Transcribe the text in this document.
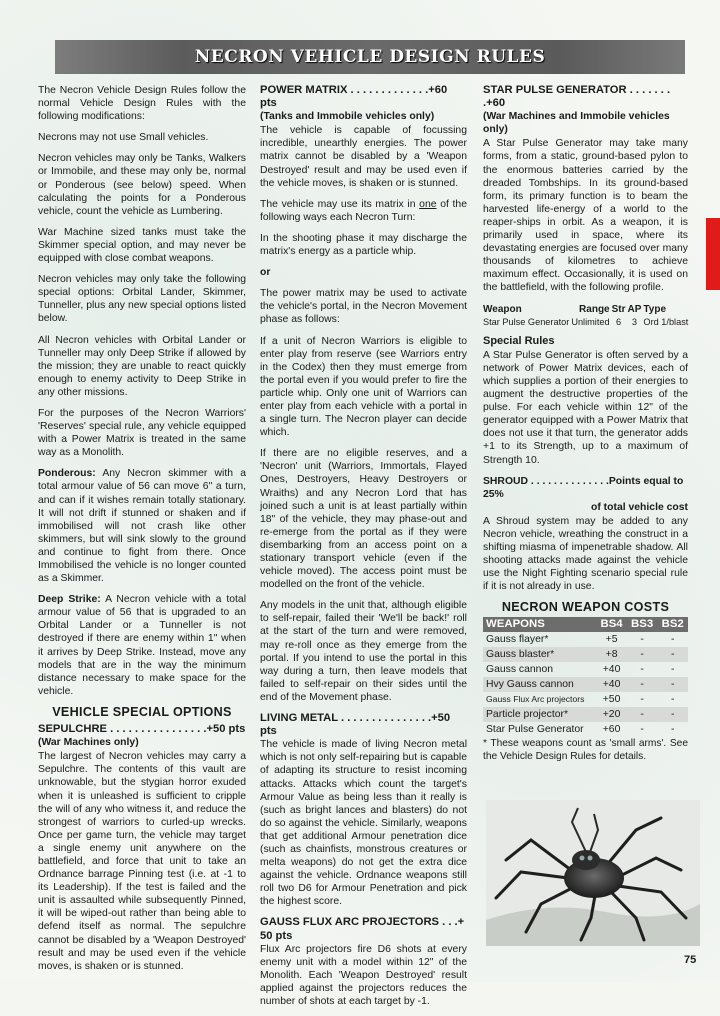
NECRON VEHICLE DESIGN RULES

The Necron Vehicle Design Rules follow the normal Vehicle Design Rules with the following modifications:

Necrons may not use Small vehicles.

Necron vehicles may only be Tanks, Walkers or Immobile, and these may only be, normal or Ponderous (see below) speed. When calculating the points for a Ponderous vehicle, count the vehicle as Lumbering.

War Machine sized tanks must take the Skimmer special option, and may never be equipped with close combat weapons.

Necron vehicles may only take the following special options: Orbital Lander, Skimmer, Tunneller, plus any new special options listed below.

All Necron vehicles with Orbital Lander or Tunneller may only Deep Strike if allowed by the mission; they are unable to react quickly enough to enemy activity to Deep Strike in any other missions.

For the purposes of the Necron Warriors' 'Reserves' special rule, any vehicle equipped with a Power Matrix is treated in the same way as a Monolith.

Ponderous: Any Necron skimmer with a total armour value of 56 can move 6" a turn, and can if it wishes remain totally stationary. It will not drift if stunned or shaken and if immobilised will not crash like other skimmers, but will sink slowly to the ground and continue to fight from there. Once Immobilised the vehicle is no longer counted as a Skimmer.

Deep Strike: A Necron vehicle with a total armour value of 56 that is upgraded to an Orbital Lander or a Tunneller is not destroyed if there are enemy within 1" when it arrives by Deep Strike. Instead, move any models that are in the way the minimum distance necessary to make space for the vehicle.

VEHICLE SPECIAL OPTIONS
SEPULCHRE . . . . . . . . . . . . . . . .+50 pts
(War Machines only)

The largest of Necron vehicles may carry a Sepulchre. The contents of this vault are unknowable, but the stygian horror exuded when it is unleashed is sufficient to cripple the will of any who witness it, and reduce the strongest of warriors to curled-up wrecks. Once per game turn, the vehicle may target a single enemy unit anywhere on the battlefield, and force that unit to take an Ordnance barrage Pinning test (i.e. at -1 to its Leadership). If the test is failed and the unit is assaulted while subsequently Pinned, it will be wiped-out rather than being able to defend itself as normal. The sepulchre cannot be disabled by a 'Weapon Destroyed' result and may be used even if the vehicle moves, is shaken or is stunned.

POWER MATRIX . . . . . . . . . . . . .+60 pts
(Tanks and Immobile vehicles only)

The vehicle is capable of focussing incredible, unearthly energies. The power matrix cannot be disabled by a 'Weapon Destroyed' result and may be used even if the vehicle moves, is shaken or is stunned.

The vehicle may use its matrix in one of the following ways each Necron Turn:

In the shooting phase it may discharge the matrix's energy as a particle whip.

or

The power matrix may be used to activate the vehicle's portal, in the Necron Movement phase as follows:

If a unit of Necron Warriors is eligible to enter play from reserve (see Warriors entry in the Codex) then they must emerge from the portal even if you would prefer to fire the particle whip. Only one unit of Warriors can enter play from each vehicle with a portal in a single turn. The Necron player can decide which.

If there are no eligible reserves, and a 'Necron' unit (Warriors, Immortals, Flayed Ones, Destroyers, Heavy Destroyers or Wraiths) and any Necron Lord that has joined such a unit is at least partially within 18" of the vehicle, they may phase-out and re-emerge from the portal as if they were disembarking from an access point on a stationary transport vehicle (even if the vehicle moved). The access point must be modelled on the front of the vehicle.

Any models in the unit that, although eligible to self-repair, failed their 'We'll be back!' roll at the start of the turn and were removed, may re-roll once as they emerge from the portal. If you intend to use the portal in this way during a turn, then leave models that failed to self-repair on their sides until the end of the Movement phase.

LIVING METAL . . . . . . . . . . . . . . .+50 pts

The vehicle is made of living Necron metal which is not only self-repairing but is capable of adapting its structure to resist incoming attacks. Attacks which count the target's Armour Value as being less than it really is (such as bright lances and blasters) do not do so against the vehicle. Similarly, weapons that get additional Armour penetration dice (such as chainfists, monstrous creatures or melta weapons) do not get the extra dice against the vehicle. Ordnance weapons still roll two D6 for Armour Penetration and pick the highest score.

GAUSS FLUX ARC PROJECTORS . . .+ 50 pts

Flux Arc projectors fire D6 shots at every enemy unit with a model within 12" of the Monolith. Each 'Weapon Destroyed' result applied against the projectors reduces the number of shots at each target by -1.

STAR PULSE GENERATOR . . . . . . . .+60
(War Machines and Immobile vehicles only)

A Star Pulse Generator may take many forms, from a static, ground-based pylon to the enormous batteries carried by the dreaded Tombships. In its ground-based form, its primary function is to beam the harvested life-energy of a world to the reaper-ships in orbit. As a weapon, it is primarily used in space, where its devastating energies are focused over many thousands of kilometres to achieve maximum effect. Occasionally, it is used on the battlefield, with the following profile.

Weapon	Range	Str	AP	Type
Star Pulse Generator	Unlimited	6	3	Ord 1/blast
Special Rules

A Star Pulse Generator is often served by a network of Power Matrix devices, each of which supplies a portion of their energies to augment the destructive properties of the pulse. For each vehicle within 12" of the generator equipped with a Power Matrix that does not use it that turn, the generator adds +1 to its Strength, up to a maximum of Strength 10.

SHROUD . . . . . . . . . . . . . .Points equal to 25%
of total vehicle cost

A Shroud system may be added to any Necron vehicle, wreathing the construct in a shifting miasma of impenetrable shadow. All shooting attacks made against the vehicle use the Night Fighting scenario special rule if it is not already in use.

NECRON WEAPON COSTS
WEAPONS	BS4	BS3	BS2
Gauss flayer*	+5	-	-
Gauss blaster*	+8	-	-
Gauss cannon	+40	-	-
Hvy Gauss cannon	+40	-	-
Gauss Flux Arc projectors	+50	-	-
Particle projector*	+20	-	-
Star Pulse Generator	+60	-	-

* These weapons count as 'small arms'. See the Vehicle Design Rules for details.

75
